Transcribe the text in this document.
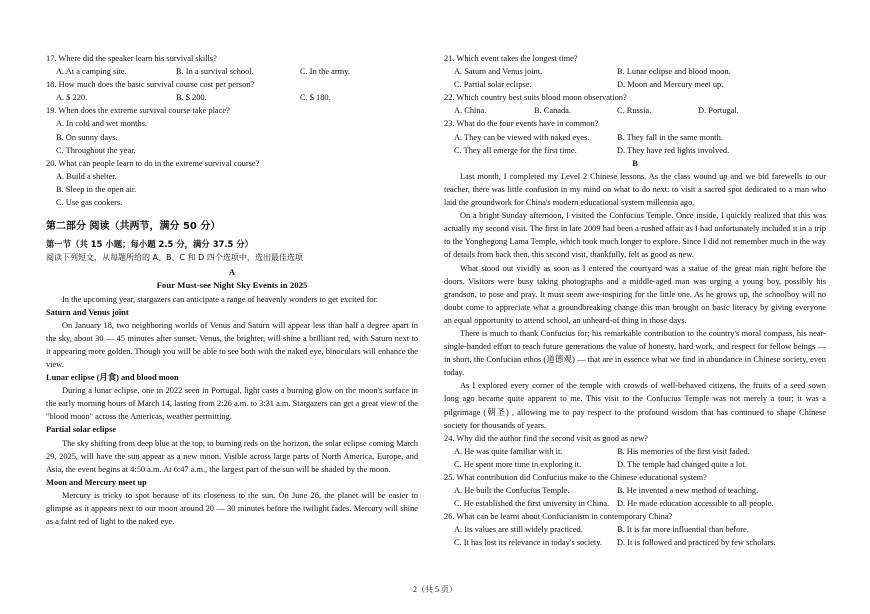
17. Where did the speaker learn his survival skills?

A. At a camping site.	B. In a survival school.	C. In the army.

18. How much does the basic survival course cost per person?

A. $ 220.	B. $ 200.	C. $ 180.

19. When does the extreme survival course take place?

A. In cold and wet months.

B. On sunny days.

C. Throughout the year.

20. What can people learn to do in the extreme survival course?

A. Build a shelter.

B. Sleep in the open air.

C. Use gas cookers.

第二部分 阅读（共两节，满分 50 分）

第一节（共 15 小题；每小题 2.5 分，满分 37.5 分）

阅读下列短文，从每题所给的 A、B、C 和 D 四个选项中，选出最佳选项

A

Four Must-see Night Sky Events in 2025

In the upcoming year, stargazers can anticipate a range of heavenly wonders to get excited for.

Saturn and Venus joint

On January 18, two neighboring worlds of Venus and Saturn will appear less than half a degree apart in the sky, about 30 — 45 minutes after sunset. Venus, the brighter, will shine a brilliant red, with Saturn next to it appearing more golden. Though you will be able to see both with the naked eye, binoculars will enhance the view.

Lunar eclipse (月食) and blood moon

During a lunar eclipse, one in 2022 seen in Portugal, light casts a burning glow on the moon's surface in the early morning hours of March 14, lasting from 2:26 a.m. to 3:31 a.m. Stargazers can get a great view of the "blood moon" across the Americas, weather permitting.

Partial solar eclipse

The sky shifting from deep blue at the top, to burning reds on the horizon, the solar eclipse coming March 29, 2025, will have the sun appear as a new moon. Visible across large parts of North America, Europe, and Asia, the event begins at 4:50 a.m. At 6:47 a.m., the largest part of the sun will be shaded by the moon.

Moon and Mercury meet up

Mercury is tricky to spot because of its closeness to the sun. On June 26, the planet will be easier to glimpse as it appears next to our moon around 20 — 30 minutes before the twilight fades. Mercury will shine as a faint red of light to the naked eye.

21. Which event takes the longest time?

A. Saturn and Venus joint.	B. Lunar eclipse and blood moon.
C. Partial solar eclipse.	D. Moon and Mercury meet up.

22. Which country best suits blood moon observation?

A. China.	B. Canada.	C. Russia.	D. Portugal.

23. What do the four events have in common?

A. They can be viewed with naked eyes.	B. They fall in the same month.
C. They all emerge for the first time.	D. They have red lights involved.

B

Last month, I completed my Level 2 Chinese lessons. As the class wound up and we bid farewells to our teacher, there was little confusion in my mind on what to do next: to visit a sacred spot dedicated to a man who laid the groundwork for China's modern educational system millennia ago.

On a bright Sunday afternoon, I visited the Confucius Temple. Once inside, I quickly realized that this was actually my second visit. The first in late 2009 had been a rushed affair as I had unfortunately included it in a trip to the Yonghegong Lama Temple, which took much longer to explore. Since I did not remember much in the way of details from back then, this second visit, thankfully, felt as good as new.

What stood out vividly as soon as I entered the courtyard was a statue of the great man right before the doors. Visitors were busy taking photographs and a middle-aged man was urging a young boy, possibly his grandson, to pose and pray. It must seem awe-inspiring for the little one. As he grows up, the schoolboy will no doubt come to appreciate what a groundbreaking change this man brought on basic literacy by giving everyone an equal opportunity to attend school, an unheard-of thing in those days.

There is much to thank Confucius for; his remarkable contribution to the country's moral compass, his near-single-handed effort to teach future generations the value of honesty, hard work, and respect for fellow beings — in short, the Confucian ethos (道德观) — that are in essence what we find in abundance in Chinese society, even today.

As I explored every corner of the temple with crowds of well-behaved citizens, the fruits of a seed sown long ago became quite apparent to me. This visit to the Confucius Temple was not merely a tour; it was a pilgrimage (朝圣) , allowing me to pay respect to the profound wisdom that has continued to shape Chinese society for thousands of years.

24. Why did the author find the second visit as good as new?

A. He was quite familiar with it.	B. His memories of the first visit faded.
C. He spent more time in exploring it.	D. The temple had changed quite a lot.

25. What contribution did Confucius make to the Chinese educational system?

A. He built the Confucius Temple.	B. He invented a new method of teaching.
C. He established the first university in China. D. He made education accessible to all people.

26. What can be learnt about Confucianism in contemporary China?

A. Its values are still widely practiced.	B. It is far more influential than before.
C. It has lost its relevance in today's society.	D. It is followed and practiced by few scholars.
2（共 5 页）
